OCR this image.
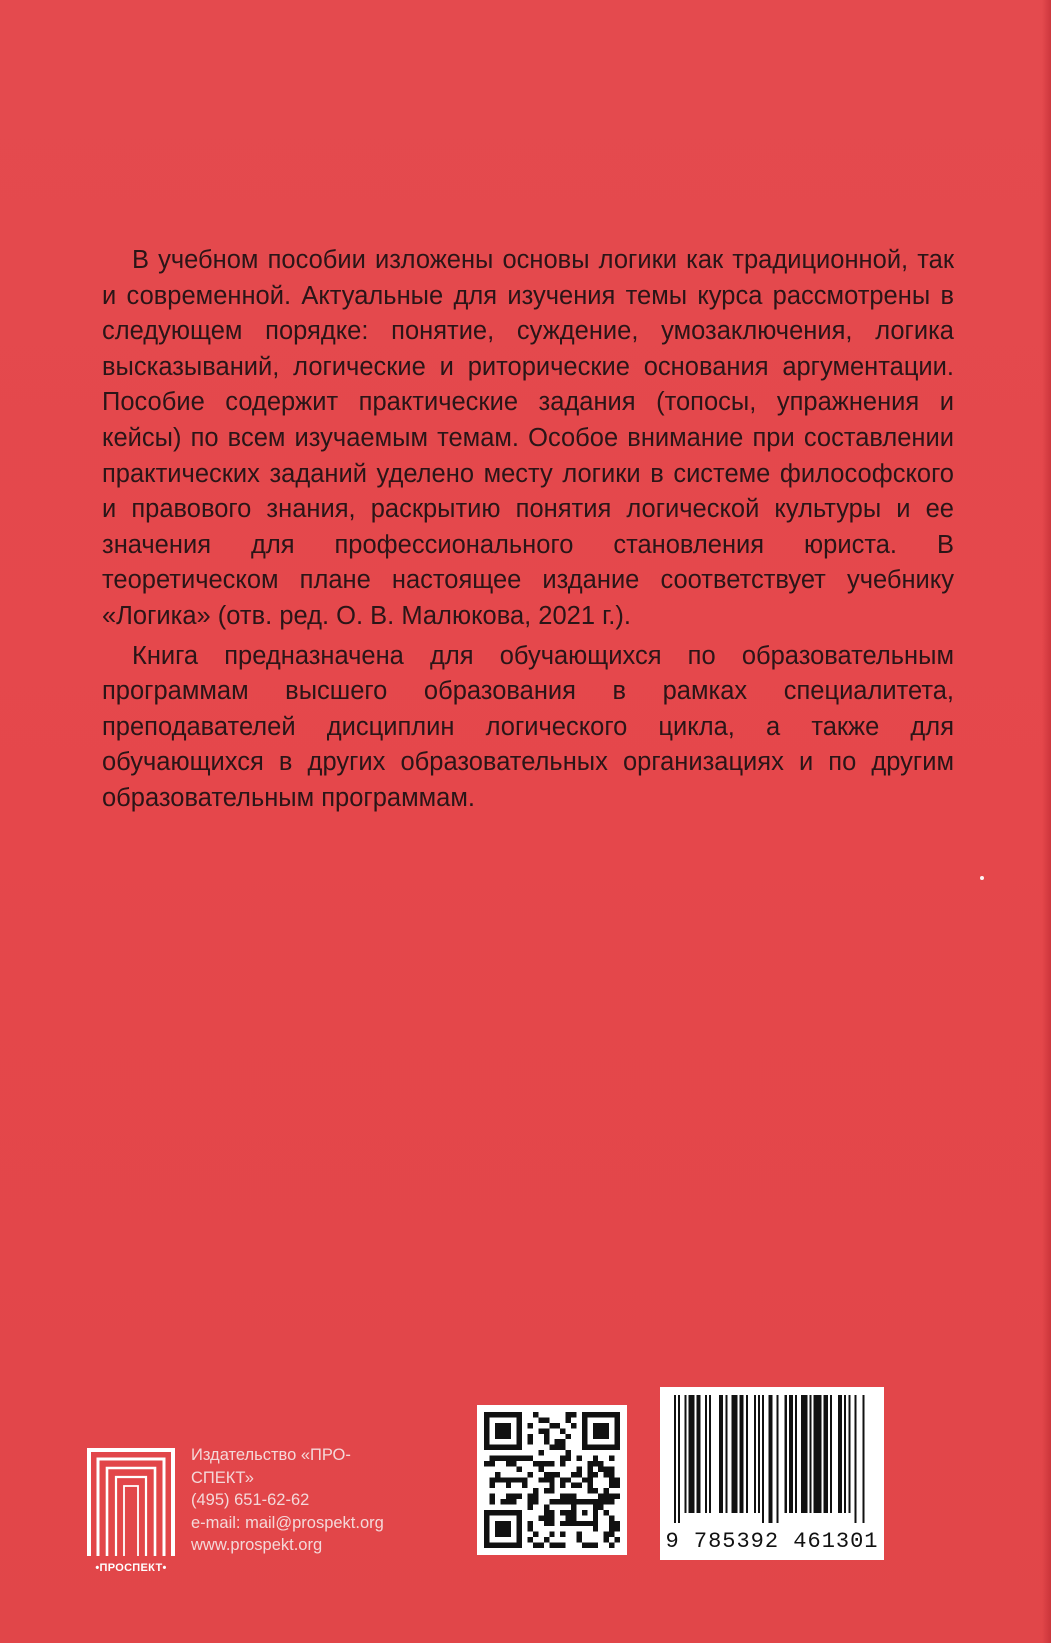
В учебном пособии изложены основы логики как традиционной, так и современной. Актуальные для изучения темы курса рассмотрены в следующем порядке: понятие, суждение, умозаключения, логика высказываний, логические и риторические основания аргументации. Пособие содержит практические задания (топосы, упражнения и кейсы) по всем изучаемым темам. Особое внимание при составлении практических заданий уделено месту логики в системе философского и правового знания, раскрытию понятия логической культуры и ее значения для профессионального становления юриста. В теоретическом плане настоящее издание соответствует учебнику «Логика» (отв. ред. О. В. Малюкова, 2021 г.).

Книга предназначена для обучающихся по образовательным программам высшего образования в рамках специалитета, преподавателей дисциплин логического цикла, а также для обучающихся в других образовательных организациях и по другим образовательным программам.

•ПРОСПЕКТ•
Издательство «ПРО-
СПЕКТ»
(495) 651-62-62
e-mail: mail@prospekt.org
www.prospekt.org	9 785392 461301
